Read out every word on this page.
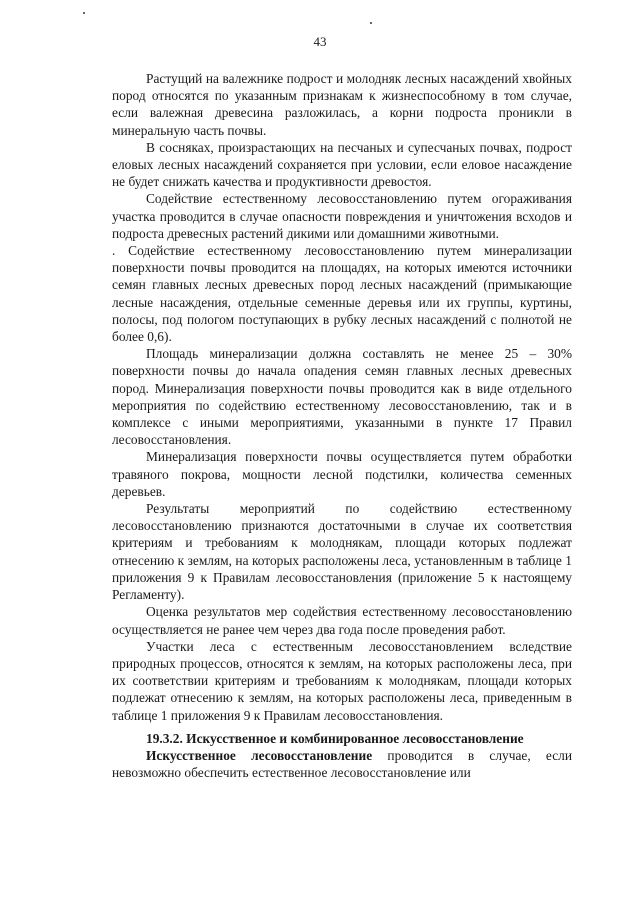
43

Растущий на валежнике подрост и молодняк лесных насаждений хвойных пород относятся по указанным признакам к жизнеспособному в том случае, если валежная древесина разложилась, а корни подроста проникли в минеральную часть почвы.

В сосняках, произрастающих на песчаных и супесчаных почвах, подрост еловых лесных насаждений сохраняется при условии, если еловое насаждение не будет снижать качества и продуктивности древостоя.

Содействие естественному лесовосстановлению путем огораживания участка проводится в случае опасности повреждения и уничтожения всходов и подроста древесных растений дикими или домашними животными.

. Содействие естественному лесовосстановлению путем минерализации поверхности почвы проводится на площадях, на которых имеются источники семян главных лесных древесных пород лесных насаждений (примыкающие лесные насаждения, отдельные семенные деревья или их группы, куртины, полосы, под пологом поступающих в рубку лесных насаждений с полнотой не более 0,6).

Площадь минерализации должна составлять не менее 25 – 30% поверхности почвы до начала опадения семян главных лесных древесных пород. Минерализация поверхности почвы проводится как в виде отдельного мероприятия по содействию естественному лесовосстановлению, так и в комплексе с иными мероприятиями, указанными в пункте 17 Правил лесовосстановления.

Минерализация поверхности почвы осуществляется путем обработки травяного покрова, мощности лесной подстилки, количества семенных деревьев.

Результаты мероприятий по содействию естественному лесовосстановлению признаются достаточными в случае их соответствия критериям и требованиям к молоднякам, площади которых подлежат отнесению к землям, на которых расположены леса, установленным в таблице 1 приложения 9 к Правилам лесовосстановления (приложение 5 к настоящему Регламенту).

Оценка результатов мер содействия естественному лесовосстановлению осуществляется не ранее чем через два года после проведения работ.

Участки леса с естественным лесовосстановлением вследствие природных процессов, относятся к землям, на которых расположены леса, при их соответствии критериям и требованиям к молоднякам, площади которых подлежат отнесению к землям, на которых расположены леса, приведенным в таблице 1 приложения 9 к Правилам лесовосстановления.

19.3.2. Искусственное и комбинированное лесовосстановление

Искусственное лесовосстановление проводится в случае, если невозможно обеспечить естественное лесовосстановление или
